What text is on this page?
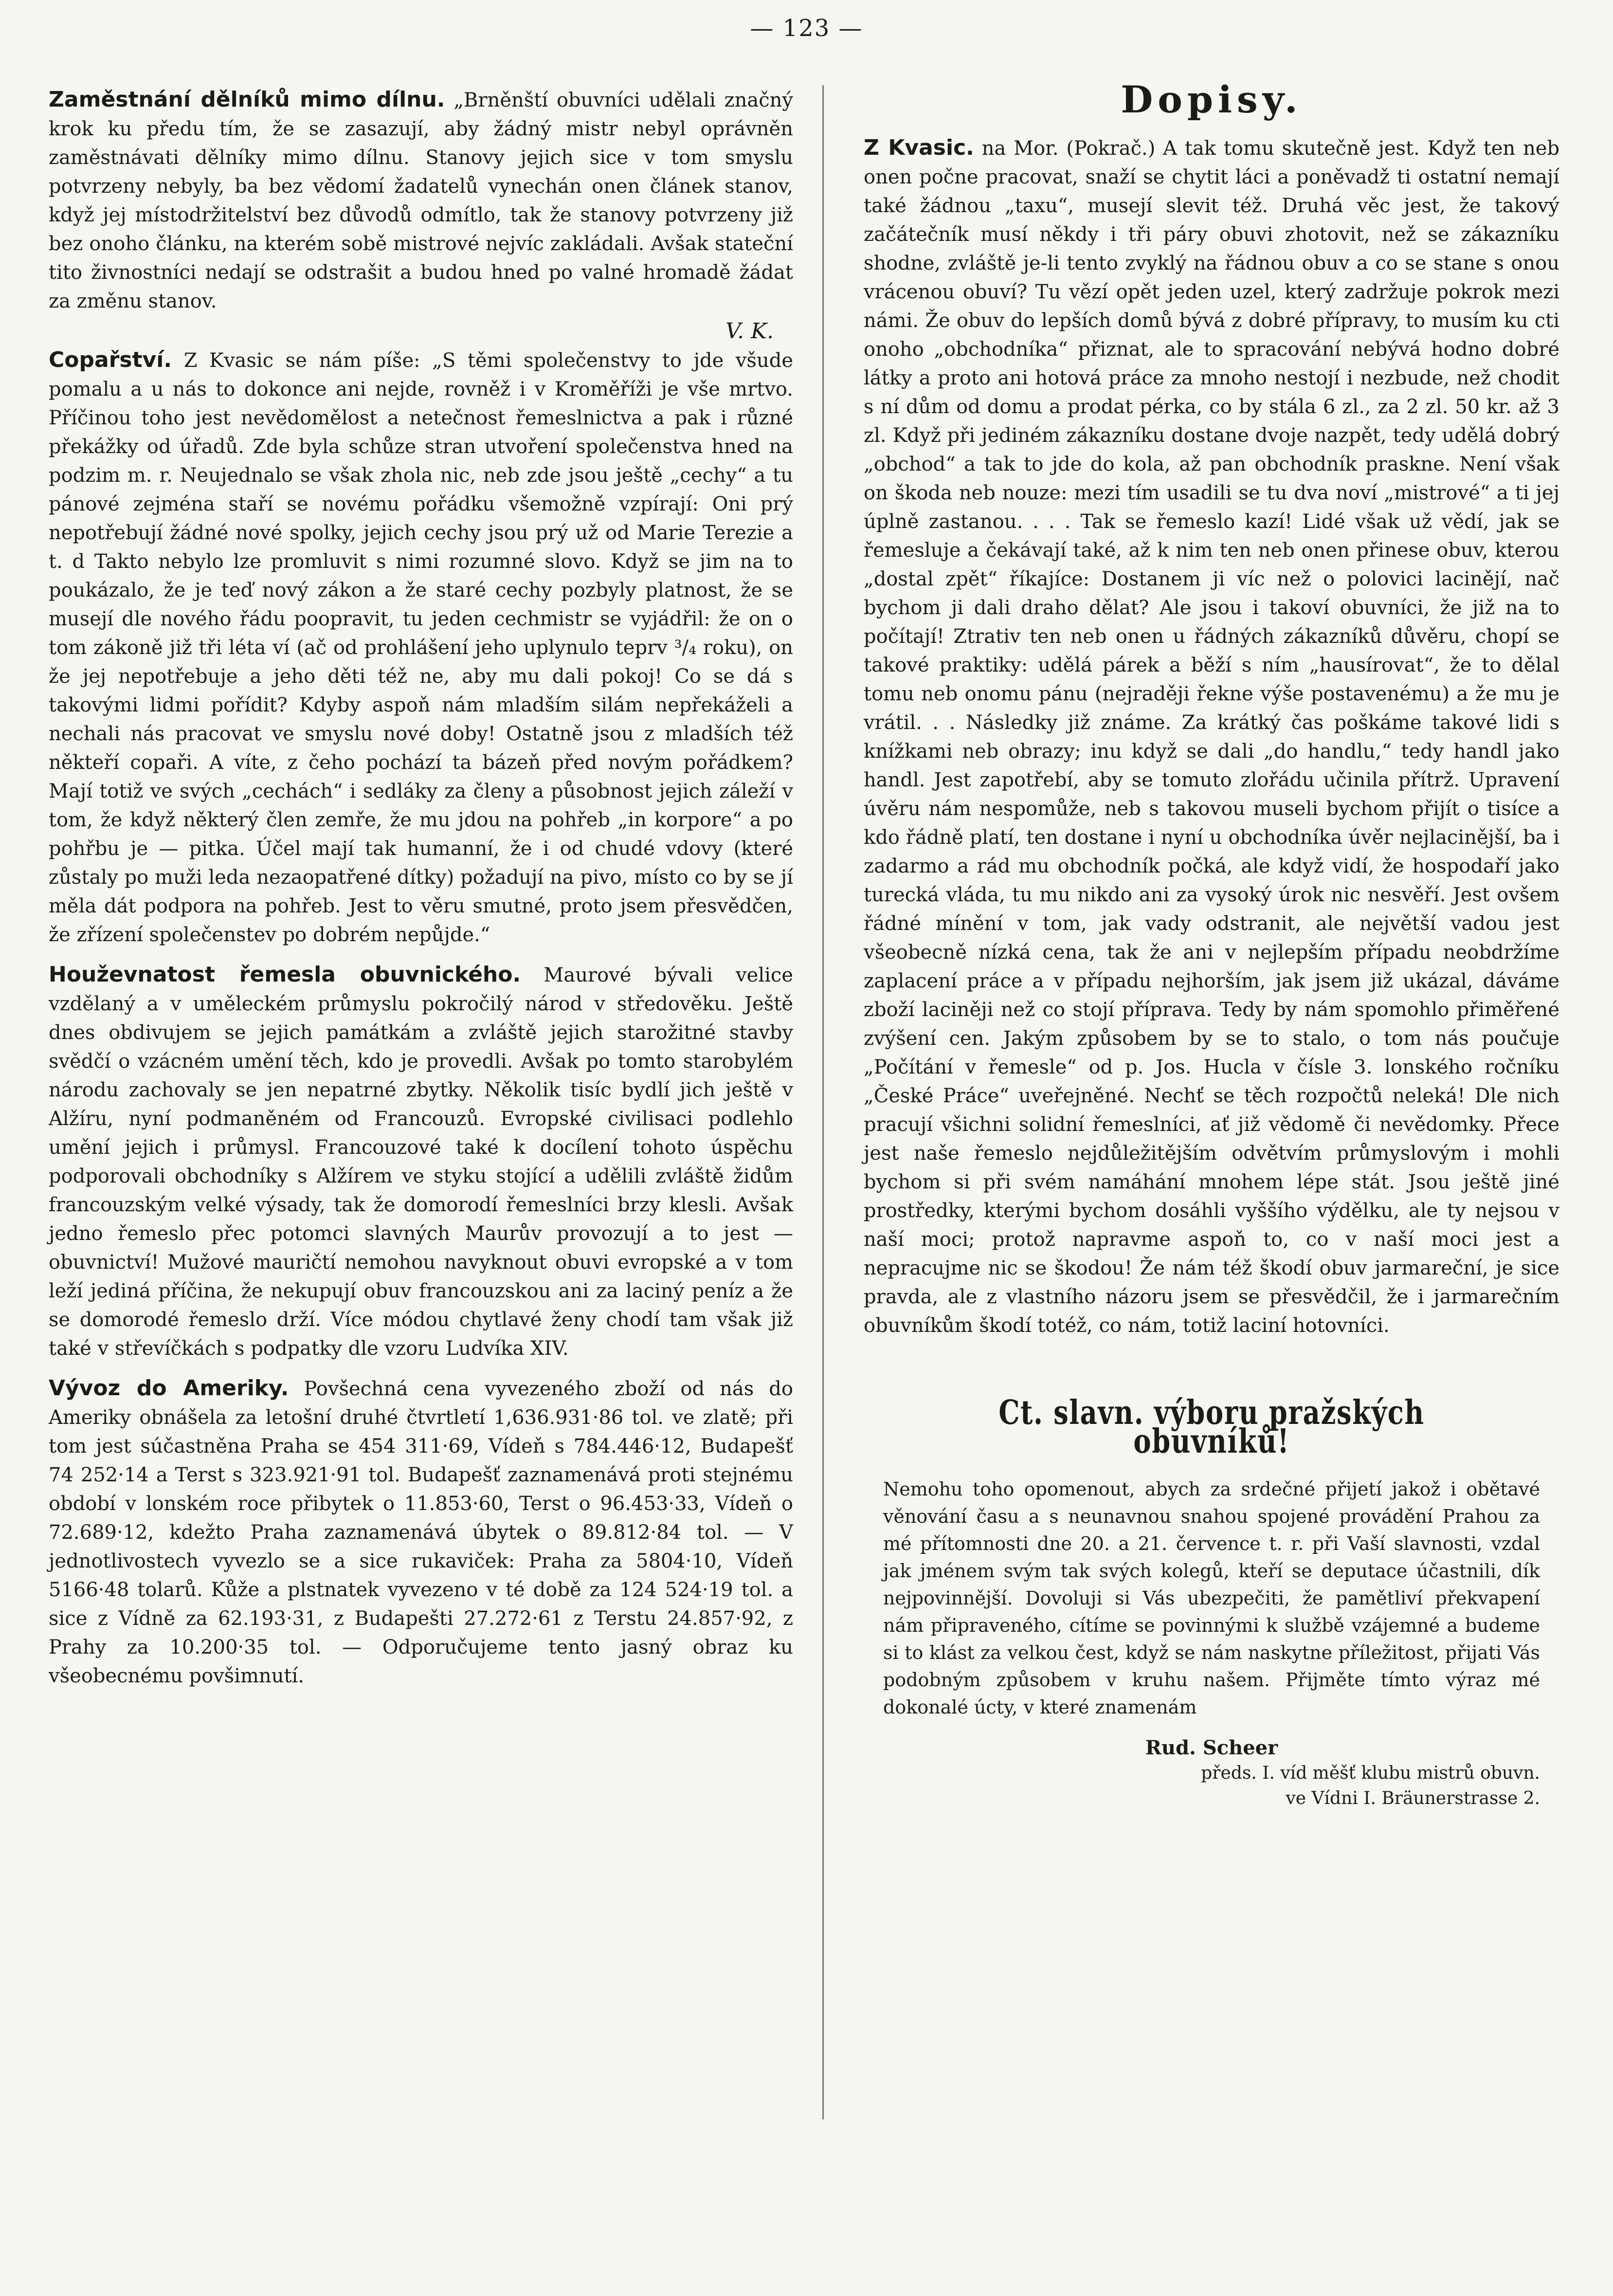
— 123 —

Zaměstnání dělníků mimo dílnu. „Brněnští obuvníci udělali značný krok ku předu tím, že se zasazují, aby žádný mistr nebyl oprávněn zaměstnávati dělníky mimo dílnu. Stanovy jejich sice v tom smyslu potvrzeny nebyly, ba bez vědomí žadatelů vynechán onen článek stanov, když jej místodržitelství bez důvodů odmítlo, tak že stanovy potvrzeny již bez onoho článku, na kterém sobě mistrové nejvíc zakládali. Avšak stateční tito živnostníci nedají se odstrašit a budou hned po valné hromadě žádat za změnu stanov.

V. K.

Copařství. Z Kvasic se nám píše: „S těmi společenstvy to jde všude pomalu a u nás to dokonce ani nejde, rovněž i v Kroměříži je vše mrtvo. Příčinou toho jest nevědomělost a netečnost řemeslnictva a pak i různé překážky od úřadů. Zde byla schůze stran utvoření společenstva hned na podzim m. r. Neujednalo se však zhola nic, neb zde jsou ještě „cechy“ a tu pánové zejména staří se novému pořádku všemožně vzpírají: Oni prý nepotřebují žádné nové spolky, jejich cechy jsou prý už od Marie Terezie a t. d Takto nebylo lze promluvit s nimi rozumné slovo. Když se jim na to poukázalo, že je teď nový zákon a že staré cechy pozbyly platnost, že se musejí dle nového řádu poopravit, tu jeden cechmistr se vyjádřil: že on o tom zákoně již tři léta ví (ač od prohlášení jeho uplynulo teprv ³/₄ roku), on že jej nepotřebuje a jeho děti též ne, aby mu dali pokoj! Co se dá s takovými lidmi pořídit? Kdyby aspoň nám mladším silám nepřekáželi a nechali nás pracovat ve smyslu nové doby! Ostatně jsou z mladších též někteří copaři. A víte, z čeho pochází ta bázeň před novým pořádkem? Mají totiž ve svých „cechách“ i sedláky za členy a působnost jejich záleží v tom, že když některý člen zemře, že mu jdou na pohřeb „in korpore“ a po pohřbu je — pitka. Účel mají tak humanní, že i od chudé vdovy (které zůstaly po muži leda nezaopatřené dítky) požadují na pivo, místo co by se jí měla dát podpora na pohřeb. Jest to věru smutné, proto jsem přesvědčen, že zřízení společenstev po dobrém nepůjde.“

Houževnatost řemesla obuvnického. Maurové bývali velice vzdělaný a v uměleckém průmyslu pokročilý národ v středověku. Ještě dnes obdivujem se jejich památkám a zvláště jejich starožitné stavby svědčí o vzácném umění těch, kdo je provedli. Avšak po tomto starobylém národu zachovaly se jen nepatrné zbytky. Několik tisíc bydlí jich ještě v Alžíru, nyní podmaněném od Francouzů. Evropské civilisaci podlehlo umění jejich i průmysl. Francouzové také k docílení tohoto úspěchu podporovali obchodníky s Alžírem ve styku stojící a udělili zvláště židům francouzským velké výsady, tak že domorodí řemeslníci brzy klesli. Avšak jedno řemeslo přec potomci slavných Maurův provozují a to jest — obuvnictví! Mužové mauričtí nemohou navyknout obuvi evropské a v tom leží jediná příčina, že nekupují obuv francouzskou ani za laciný peníz a že se domorodé řemeslo drží. Více módou chytlavé ženy chodí tam však již také v střevíčkách s podpatky dle vzoru Ludvíka XIV.

Vývoz do Ameriky. Povšechná cena vyvezeného zboží od nás do Ameriky obnášela za letošní druhé čtvrtletí 1,636.931·86 tol. ve zlatě; při tom jest súčastněna Praha se 454 311·69, Vídeň s 784.446·12, Budapešť 74 252·14 a Terst s 323.921·91 tol. Budapešť zaznamenává proti stejnému období v lonském roce přibytek o 11.853·60, Terst o 96.453·33, Vídeň o 72.689·12, kdežto Praha zaznamenává úbytek o 89.812·84 tol. — V jednotlivostech vyvezlo se a sice rukaviček: Praha za 5804·10, Vídeň 5166·48 tolarů. Kůže a plstnatek vyvezeno v té době za 124 524·19 tol. a sice z Vídně za 62.193·31, z Budapešti 27.272·61 z Terstu 24.857·92, z Prahy za 10.200·35 tol. — Odporučujeme tento jasný obraz ku všeobecnému povšimnutí.

Dopisy.

Z Kvasic. na Mor. (Pokrač.) A tak tomu skutečně jest. Když ten neb onen počne pracovat, snaží se chytit láci a poněvadž ti ostatní nemají také žádnou „taxu“, musejí slevit též. Druhá věc jest, že takový začátečník musí někdy i tři páry obuvi zhotovit, než se zákazníku shodne, zvláště je-li tento zvyklý na řádnou obuv a co se stane s onou vrácenou obuví? Tu vězí opět jeden uzel, který zadržuje pokrok mezi námi. Že obuv do lepších domů bývá z dobré přípravy, to musím ku cti onoho „obchodníka“ přiznat, ale to spracování nebývá hodno dobré látky a proto ani hotová práce za mnoho nestojí i nezbude, než chodit s ní dům od domu a prodat pérka, co by stála 6 zl., za 2 zl. 50 kr. až 3 zl. Když při jediném zákazníku dostane dvoje nazpět, tedy udělá dobrý „obchod“ a tak to jde do kola, až pan obchodník praskne. Není však on škoda neb nouze: mezi tím usadili se tu dva noví „mistrové“ a ti jej úplně zastanou. . . . Tak se řemeslo kazí! Lidé však už vědí, jak se řemesluje a čekávají také, až k nim ten neb onen přinese obuv, kterou „dostal zpět“ říkajíce: Dostanem ji víc než o polovici lacinějí, nač bychom ji dali draho dělat? Ale jsou i takoví obuvníci, že již na to počítají! Ztrativ ten neb onen u řádných zákazníků důvěru, chopí se takové praktiky: udělá párek a běží s ním „hausírovat“, že to dělal tomu neb onomu pánu (nejraději řekne výše postavenému) a že mu je vrátil. . . Následky již známe. Za krátký čas poškáme takové lidi s knížkami neb obrazy; inu když se dali „do handlu,“ tedy handl jako handl. Jest zapotřebí, aby se tomuto zlořádu učinila přítrž. Upravení úvěru nám nespomůže, neb s takovou museli bychom přijít o tisíce a kdo řádně platí, ten dostane i nyní u obchodníka úvěr nejlacinější, ba i zadarmo a rád mu obchodník počká, ale když vidí, že hospodaří jako turecká vláda, tu mu nikdo ani za vysoký úrok nic nesvěří. Jest ovšem řádné mínění v tom, jak vady odstranit, ale největší vadou jest všeobecně nízká cena, tak že ani v nejlepším případu neobdržíme zaplacení práce a v případu nejhorším, jak jsem již ukázal, dáváme zboží laciněji než co stojí příprava. Tedy by nám spomohlo přiměřené zvýšení cen. Jakým způsobem by se to stalo, o tom nás poučuje „Počítání v řemesle“ od p. Jos. Hucla v čísle 3. lonského ročníku „České Práce“ uveřejněné. Nechť se těch rozpočtů neleká! Dle nich pracují všichni solidní řemeslníci, ať již vědomě či nevědomky. Přece jest naše řemeslo nejdůležitějším odvětvím průmyslovým i mohli bychom si při svém namáhání mnohem lépe stát. Jsou ještě jiné prostředky, kterými bychom dosáhli vyššího výdělku, ale ty nejsou v naší moci; protož napravme aspoň to, co v naší moci jest a nepracujme nic se škodou! Že nám též škodí obuv jarmareční, je sice pravda, ale z vlastního názoru jsem se přesvědčil, že i jarmarečním obuvníkům škodí totéž, co nám, totiž laciní hotovníci.

Ct. slavn. výboru pražských obuvníků!

Nemohu toho opomenout, abych za srdečné přijetí jakož i obětavé věnování času a s neunavnou snahou spojené provádění Prahou za mé přítomnosti dne 20. a 21. července t. r. při Vaší slavnosti, vzdal jak jménem svým tak svých kolegů, kteří se deputace účastnili, dík nejpovinnější. Dovoluji si Vás ubezpečiti, že pamětliví překvapení nám připraveného, cítíme se povinnými k službě vzájemné a budeme si to klást za velkou čest, když se nám naskytne příležitost, přijati Vás podobným způsobem v kruhu našem. Přijměte tímto výraz mé dokonalé úcty, v které znamenám

Rud. Scheer
předs. I. víd měšť klubu mistrů obuvn.
ve Vídni I. Bräunerstrasse 2.
